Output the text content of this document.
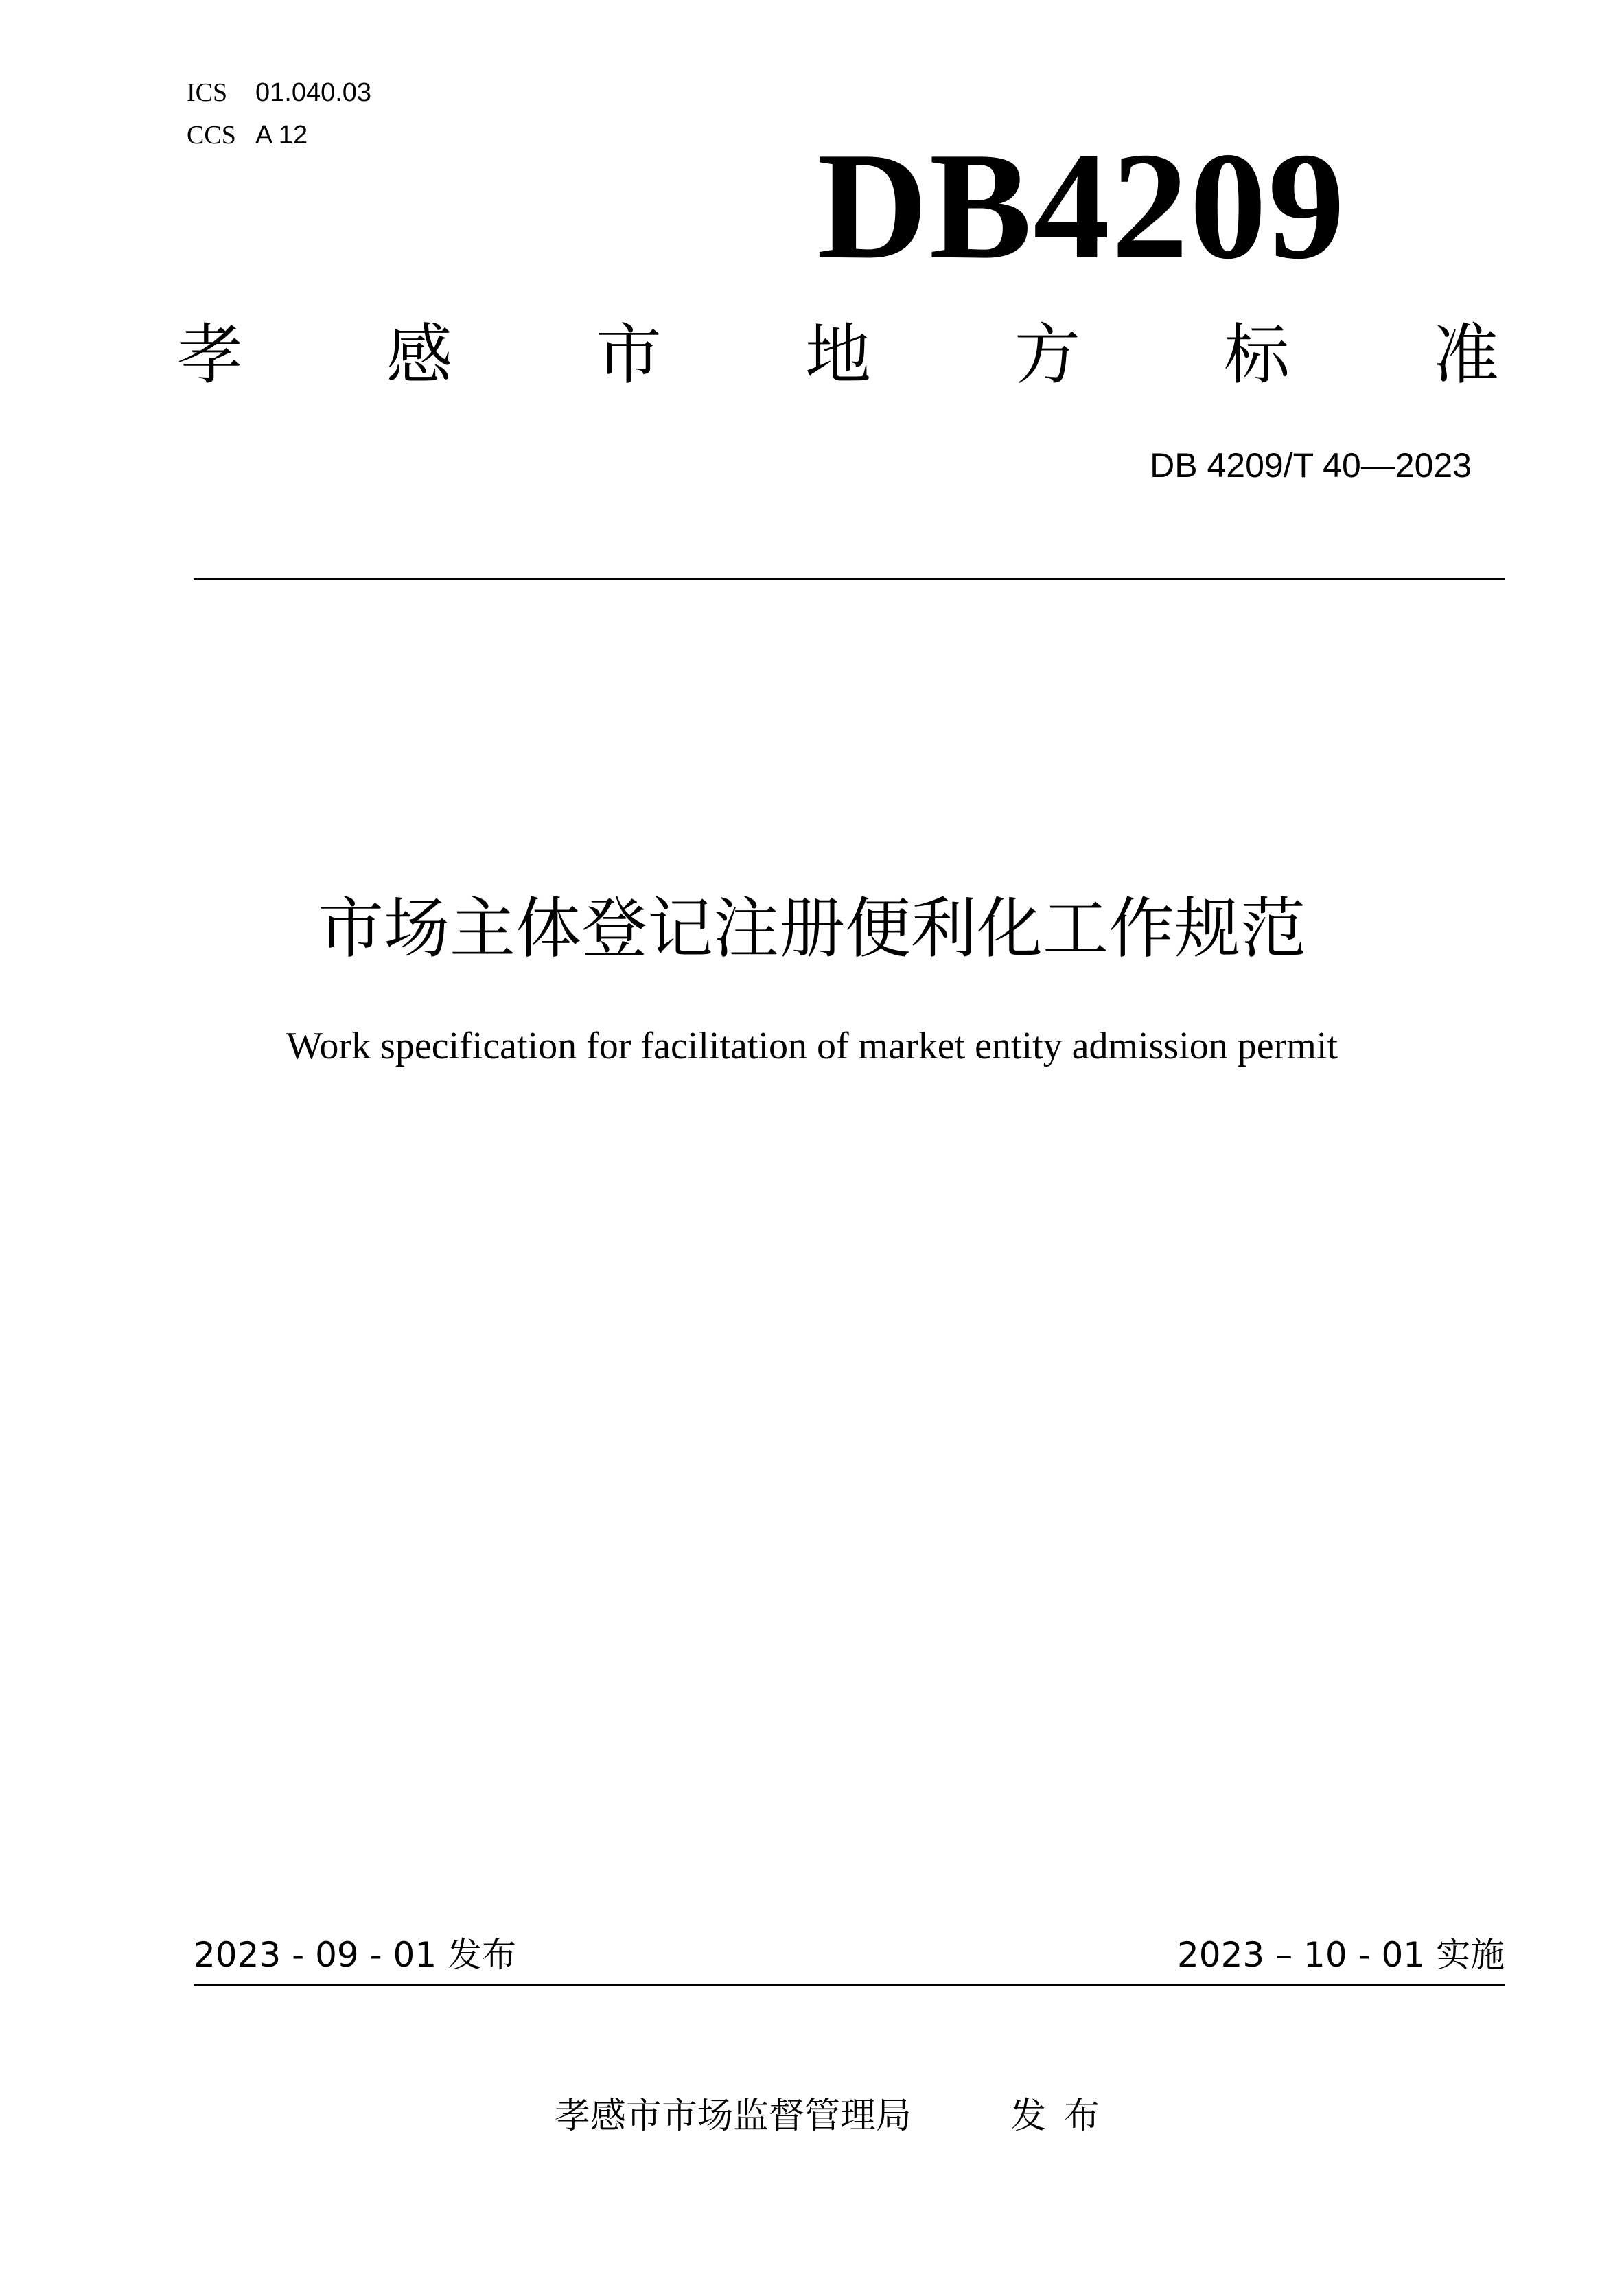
ICS 01.040.03
CCS A 12	DB4209
孝 感 市 地 方 标 准
DB 4209/T 40—2023
市场主体登记注册便利化工作规范
Work specification for facilitation of market entity admission permit
2023 - 09 - 01 发布	2023 – 10 - 01 实施
孝感市市场监督管理局	发布
